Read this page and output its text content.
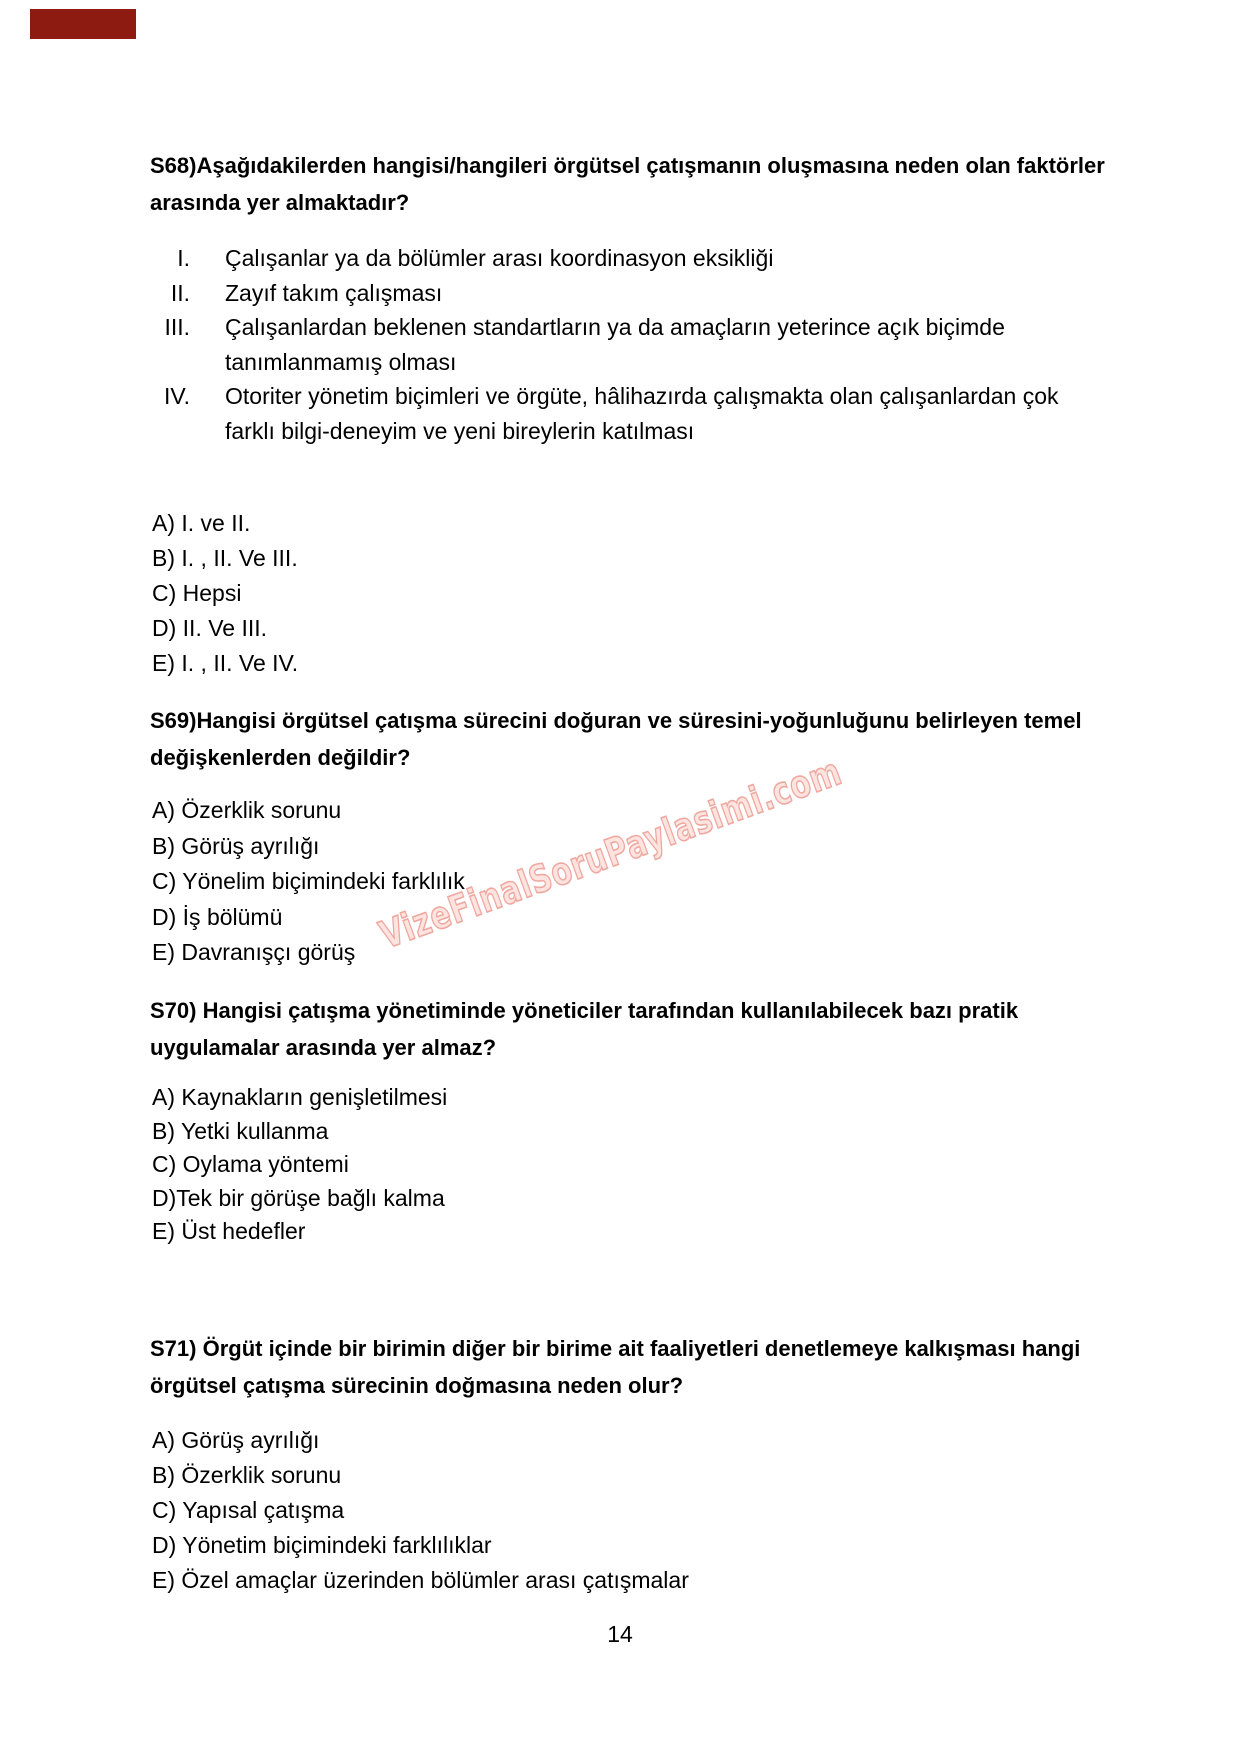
S68)Aşağıdakilerden hangisi/hangileri örgütsel çatışmanın oluşmasına neden olan faktörler
arasında yer almaktadır?
I. Çalışanlar ya da bölümler arası koordinasyon eksikliği
II. Zayıf takım çalışması
III. Çalışanlardan beklenen standartların ya da amaçların yeterince açık biçimde
tanımlanmamış olması
IV. Otoriter yönetim biçimleri ve örgüte, hâlihazırda çalışmakta olan çalışanlardan çok
farklı bilgi-deneyim ve yeni bireylerin katılması
A) I. ve II.
B) I. , II. Ve III.
C) Hepsi
D) II. Ve III.
E) I. , II. Ve IV.
S69)Hangisi örgütsel çatışma sürecini doğuran ve süresini-yoğunluğunu belirleyen temel
değişkenlerden değildir?
A) Özerklik sorunu
B) Görüş ayrılığı
C) Yönelim biçimindeki farklılık
D) İş bölümü
E) Davranışçı görüş
S70) Hangisi çatışma yönetiminde yöneticiler tarafından kullanılabilecek bazı pratik
uygulamalar arasında yer almaz?
A) Kaynakların genişletilmesi
B) Yetki kullanma
C) Oylama yöntemi
D)Tek bir görüşe bağlı kalma
E) Üst hedefler
S71) Örgüt içinde bir birimin diğer bir birime ait faaliyetleri denetlemeye kalkışması hangi
örgütsel çatışma sürecinin doğmasına neden olur?
A) Görüş ayrılığı
B) Özerklik sorunu
C) Yapısal çatışma
D) Yönetim biçimindeki farklılıklar
E) Özel amaçlar üzerinden bölümler arası çatışmalar
VizeFinalSoruPaylasimi.com
14
